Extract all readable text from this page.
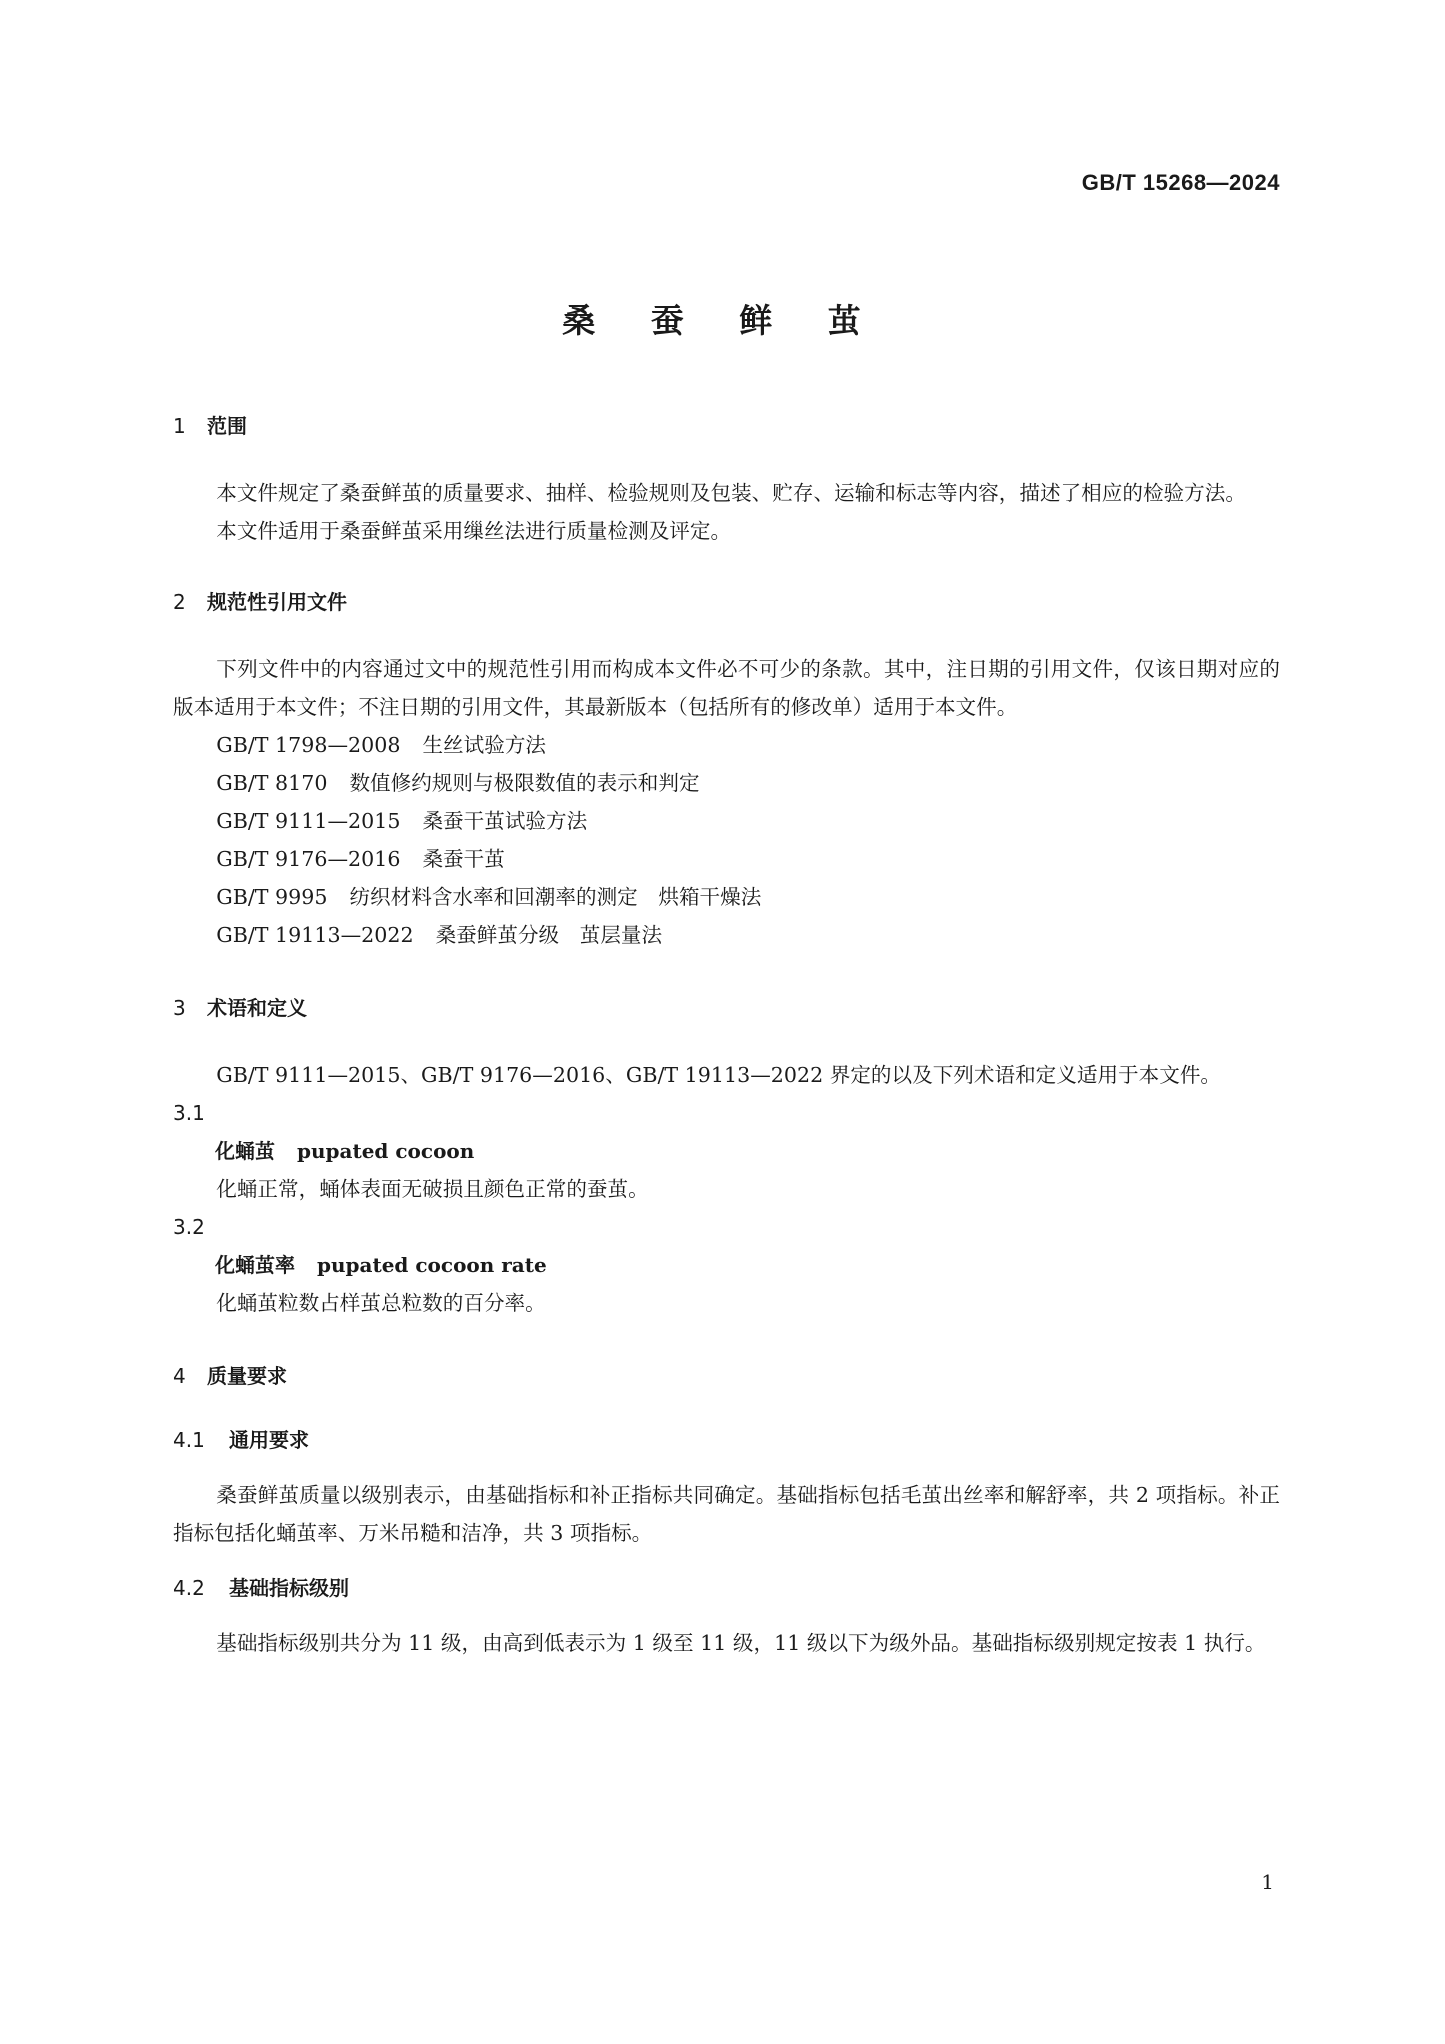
GB/T 15268—2024
桑 蚕 鲜 茧
1 范围

本文件规定了桑蚕鲜茧的质量要求、抽样、检验规则及包装、贮存、运输和标志等内容，描述了相应的检验方法。

本文件适用于桑蚕鲜茧采用缫丝法进行质量检测及评定。

2 规范性引用文件

下列文件中的内容通过文中的规范性引用而构成本文件必不可少的条款。其中，注日期的引用文件，仅该日期对应的版本适用于本文件；不注日期的引用文件，其最新版本（包括所有的修改单）适用于本文件。

GB/T 1798—2008 生丝试验方法
GB/T 8170 数值修约规则与极限数值的表示和判定
GB/T 9111—2015 桑蚕干茧试验方法
GB/T 9176—2016 桑蚕干茧
GB/T 9995 纺织材料含水率和回潮率的测定　烘箱干燥法
GB/T 19113—2022 桑蚕鲜茧分级　茧层量法
3 术语和定义

GB/T 9111—2015、GB/T 9176—2016、GB/T 19113—2022 界定的以及下列术语和定义适用于本文件。

3.1
化蛹茧 pupated cocoon
化蛹正常，蛹体表面无破损且颜色正常的蚕茧。
3.2
化蛹茧率 pupated cocoon rate
化蛹茧粒数占样茧总粒数的百分率。
4 质量要求
4.1 通用要求

桑蚕鲜茧质量以级别表示，由基础指标和补正指标共同确定。基础指标包括毛茧出丝率和解舒率，共 2 项指标。补正指标包括化蛹茧率、万米吊糙和洁净，共 3 项指标。

4.2 基础指标级别

基础指标级别共分为 11 级，由高到低表示为 1 级至 11 级，11 级以下为级外品。基础指标级别规定按表 1 执行。

1
